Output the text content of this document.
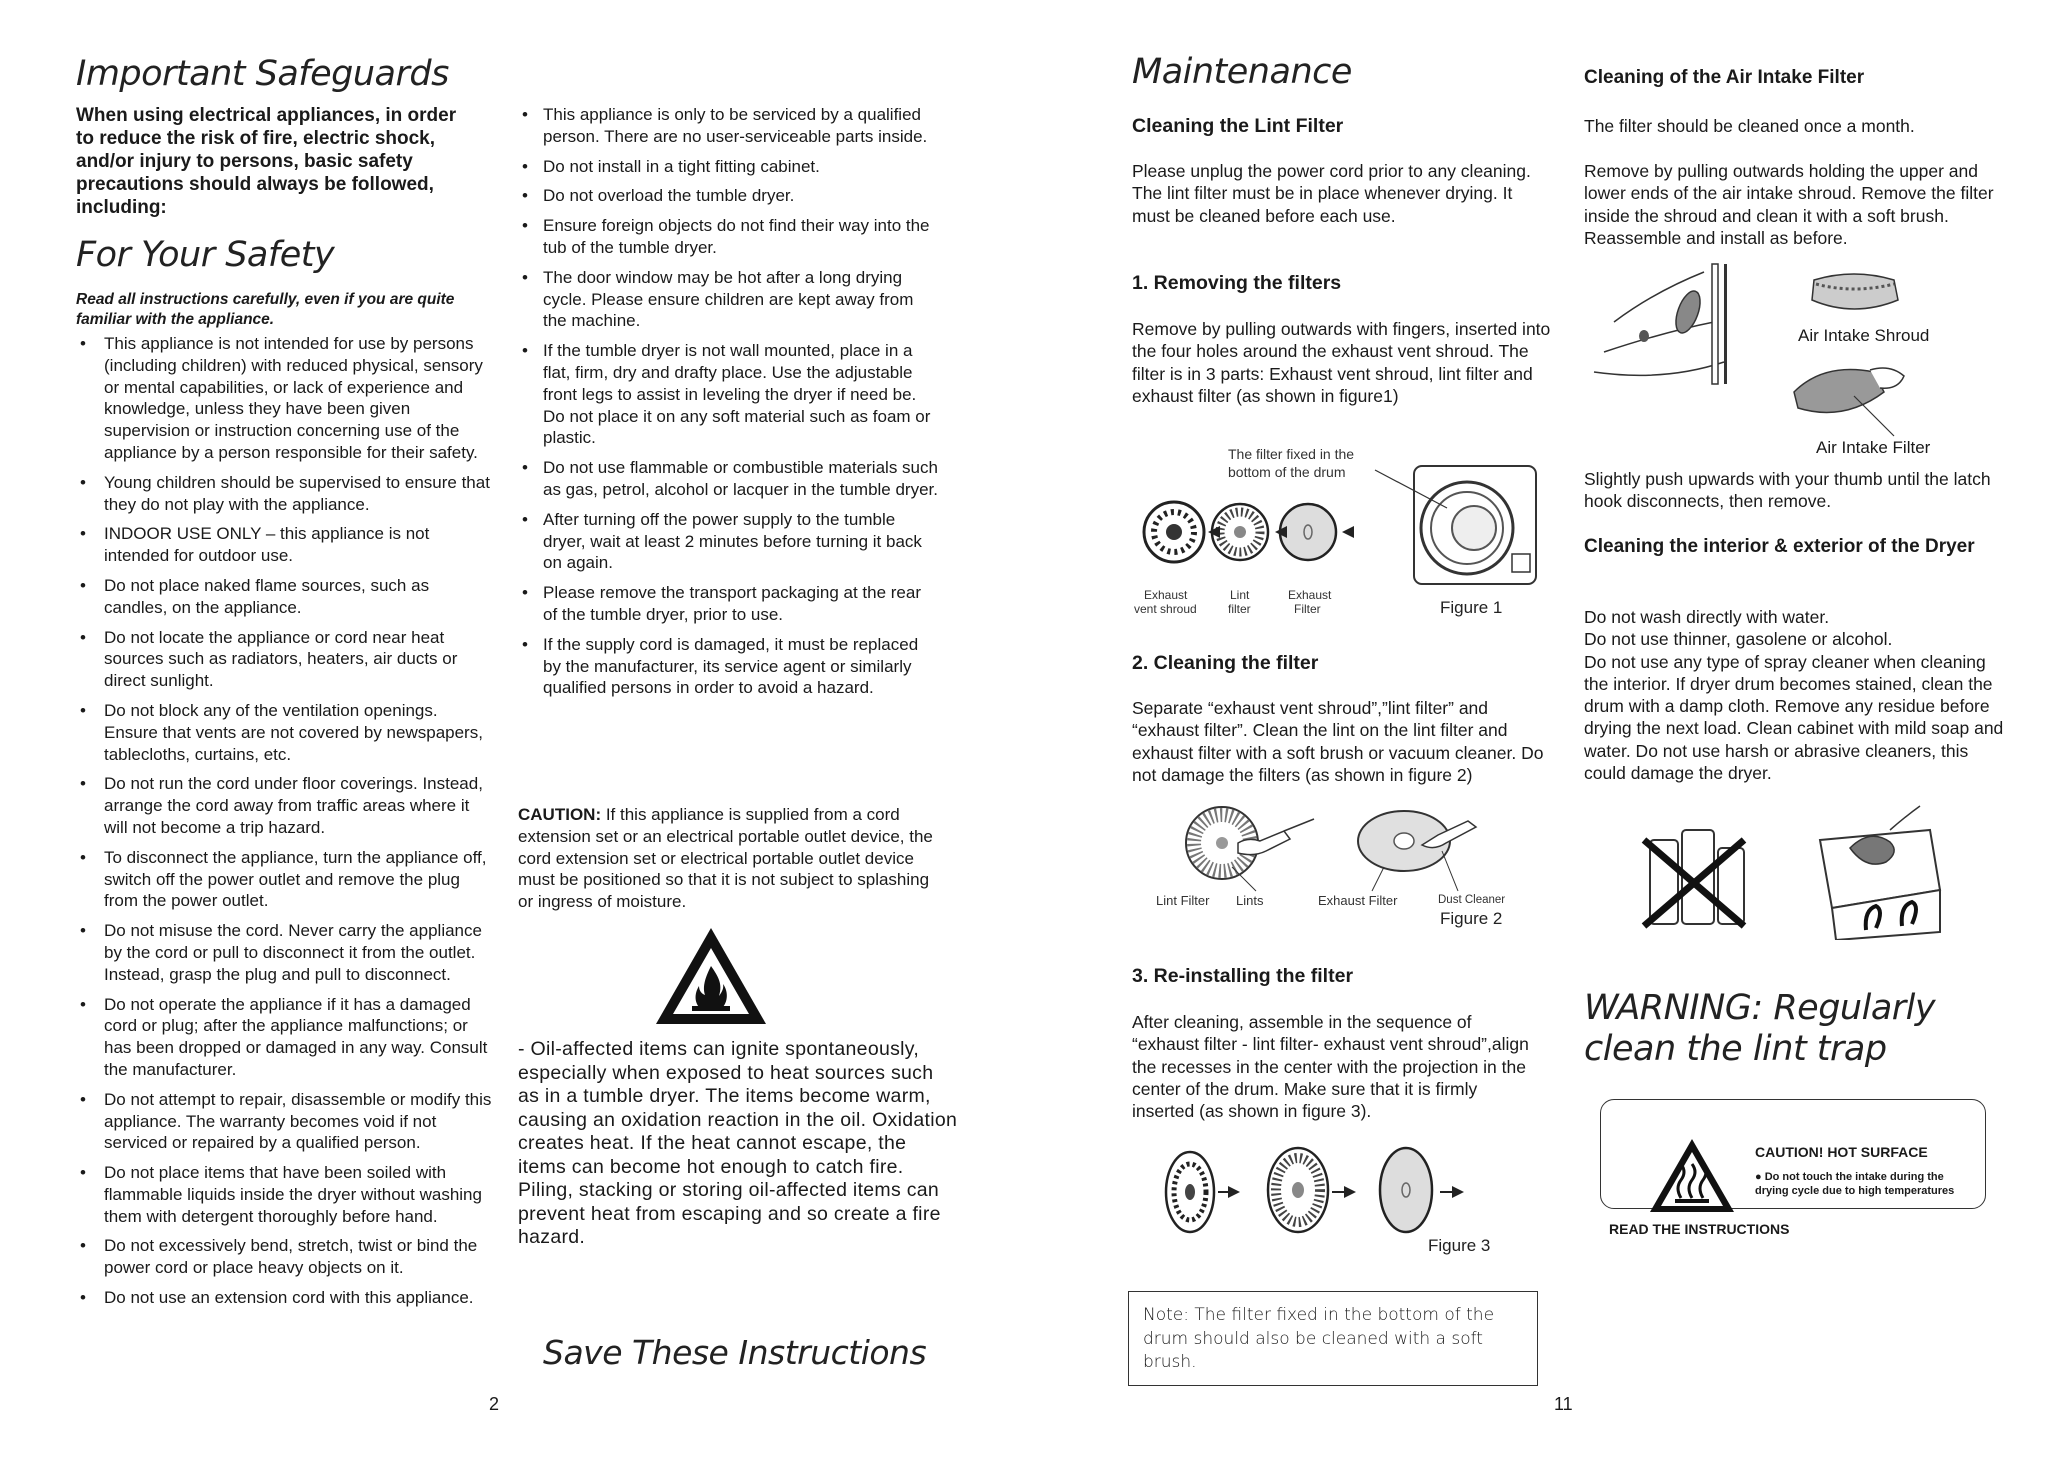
Important Safeguards
When using electrical appliances, in order to reduce the risk of fire, electric shock, and/or injury to persons, basic safety precautions should always be followed, including:
For Your Safety
Read all instructions carefully, even if you are quite familiar with the appliance.
• This appliance is not intended for use by persons (including children) with reduced physical, sensory or mental capabilities, or lack of experience and knowledge, unless they have been given supervision or instruction concerning use of the appliance by a person responsible for their safety.
• Young children should be supervised to ensure that they do not play with the appliance.
• INDOOR USE ONLY – this appliance is not intended for outdoor use.
• Do not place naked flame sources, such as candles, on the appliance.
• Do not locate the appliance or cord near heat sources such as radiators, heaters, air ducts or direct sunlight.
• Do not block any of the ventilation openings. Ensure that vents are not covered by newspapers, tablecloths, curtains, etc.
• Do not run the cord under floor coverings. Instead, arrange the cord away from traffic areas where it will not become a trip hazard.
• To disconnect the appliance, turn the appliance off, switch off the power outlet and remove the plug from the power outlet.
• Do not misuse the cord. Never carry the appliance by the cord or pull to disconnect it from the outlet. Instead, grasp the plug and pull to disconnect.
• Do not operate the appliance if it has a damaged cord or plug; after the appliance malfunctions; or has been dropped or damaged in any way. Consult the manufacturer.
• Do not attempt to repair, disassemble or modify this appliance. The warranty becomes void if not serviced or repaired by a qualified person.
• Do not place items that have been soiled with flammable liquids inside the dryer without washing them with detergent thoroughly before hand.
• Do not excessively bend, stretch, twist or bind the power cord or place heavy objects on it.
• Do not use an extension cord with this appliance.
• This appliance is only to be serviced by a qualified person. There are no user-serviceable parts inside.
• Do not install in a tight fitting cabinet.
• Do not overload the tumble dryer.
• Ensure foreign objects do not find their way into the tub of the tumble dryer.
• The door window may be hot after a long drying cycle. Please ensure children are kept away from the machine.
• If the tumble dryer is not wall mounted, place in a flat, firm, dry and drafty place. Use the adjustable front legs to assist in leveling the dryer if need be. Do not place it on any soft material such as foam or plastic.
• Do not use flammable or combustible materials such as gas, petrol, alcohol or lacquer in the tumble dryer.
• After turning off the power supply to the tumble dryer, wait at least 2 minutes before turning it back on again.
• Please remove the transport packaging at the rear of the tumble dryer, prior to use.
• If the supply cord is damaged, it must be replaced by the manufacturer, its service agent or similarly qualified persons in order to avoid a hazard.
CAUTION: If this appliance is supplied from a cord extension set or an electrical portable outlet device, the cord extension set or electrical portable outlet device must be positioned so that it is not subject to splashing or ingress of moisture.
- Oil-affected items can ignite spontaneously, especially when exposed to heat sources such as in a tumble dryer. The items become warm, causing an oxidation reaction in the oil. Oxidation creates heat. If the heat cannot escape, the items can become hot enough to catch fire. Piling, stacking or storing oil-affected items can prevent heat from escaping and so create a fire hazard.
Save These Instructions
2
Maintenance
Cleaning the Lint Filter
Please unplug the power cord prior to any cleaning. The lint filter must be in place whenever drying. It must be cleaned before each use.
1. Removing the filters
Remove by pulling outwards with fingers, inserted into the four holes around the exhaust vent shroud. The filter is in 3 parts: Exhaust vent shroud, lint filter and exhaust filter (as shown in figure1)
The filter fixed in the
bottom of the drum
Exhaust
vent shroud
Lint
filter
Exhaust
Filter	Figure 1
2. Cleaning the filter
Separate “exhaust vent shroud”,”lint filter” and “exhaust filter”. Clean the lint on the lint filter and exhaust filter with a soft brush or vacuum cleaner. Do not damage the filters (as shown in figure 2)
Lint Filter Lints	Exhaust Filter	Dust Cleaner
Figure 2
3. Re-installing the filter
After cleaning, assemble in the sequence of “exhaust filter - lint filter- exhaust vent shroud”,align the recesses in the center with the projection in the center of the drum. Make sure that it is firmly inserted (as shown in figure 3).
Figure 3
Note: The filter fixed in the bottom of the drum should also be cleaned with a soft brush.
11
Cleaning of the Air Intake Filter
The filter should be cleaned once a month.
Remove by pulling outwards holding the upper and lower ends of the air intake shroud. Remove the filter inside the shroud and clean it with a soft brush. Reassemble and install as before.
Air Intake Shroud
Air Intake Filter
Slightly push upwards with your thumb until the latch hook disconnects, then remove.
Cleaning the interior & exterior of the Dryer
Do not wash directly with water.
Do not use thinner, gasolene or alcohol.
Do not use any type of spray cleaner when cleaning the interior. If dryer drum becomes stained, clean the drum with a damp cloth. Remove any residue before drying the next load. Clean cabinet with mild soap and water. Do not use harsh or abrasive cleaners, this could damage the dryer.
WARNING: Regularly clean the lint trap
CAUTION! HOT SURFACE
● Do not touch the intake during the drying cycle due to high temperatures
READ THE INSTRUCTIONS
